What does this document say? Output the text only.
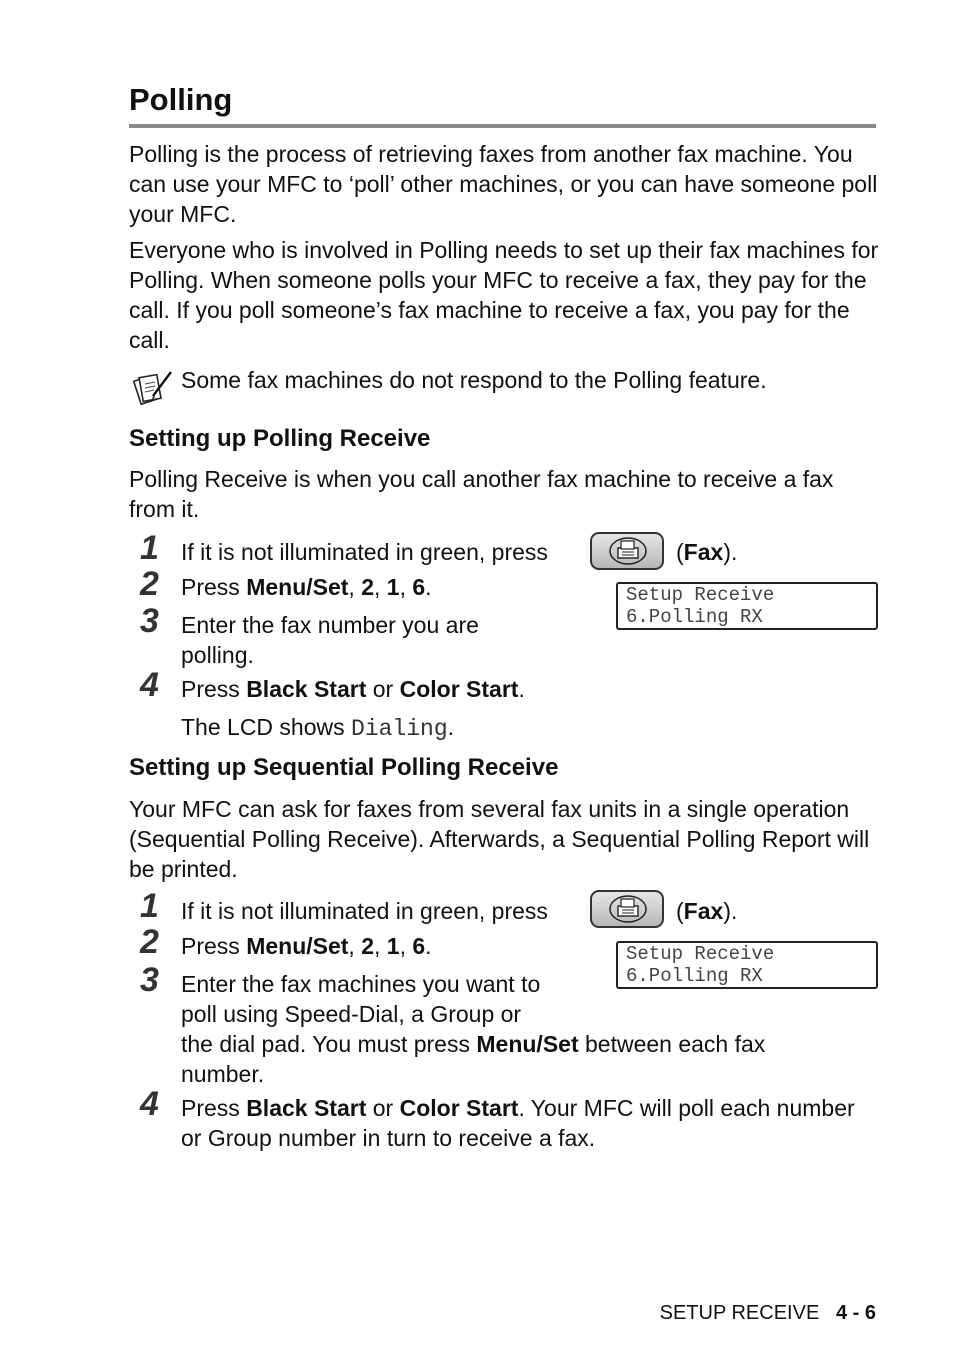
Polling
Polling is the process of retrieving faxes from another fax machine. You can use your MFC to ‘poll’ other machines, or you can have someone poll your MFC.
Everyone who is involved in Polling needs to set up their fax machines for Polling. When someone polls your MFC to receive a fax, they pay for the call. If you poll someone’s fax machine to receive a fax, you pay for the call.
Some fax machines do not respond to the Polling feature.
Setting up Polling Receive
Polling Receive is when you call another fax machine to receive a fax from it.
1 If it is not illuminated in green, press	(Fax).
2 Press Menu/Set, 2, 1, 6.	Setup Receive
6.Polling RX
3 Enter the fax number you are polling.
4 Press Black Start or Color Start.
The LCD shows Dialing.
Setting up Sequential Polling Receive
Your MFC can ask for faxes from several fax units in a single operation (Sequential Polling Receive). Afterwards, a Sequential Polling Report will be printed.
1 If it is not illuminated in green, press	(Fax).
2 Press Menu/Set, 2, 1, 6.	Setup Receive
6.Polling RX
3 Enter the fax machines you want to
poll using Speed-Dial, a Group or
the dial pad. You must press Menu/Set between each fax number.
4 Press Black Start or Color Start. Your MFC will poll each number or Group number in turn to receive a fax.
SETUP RECEIVE 4 - 6
